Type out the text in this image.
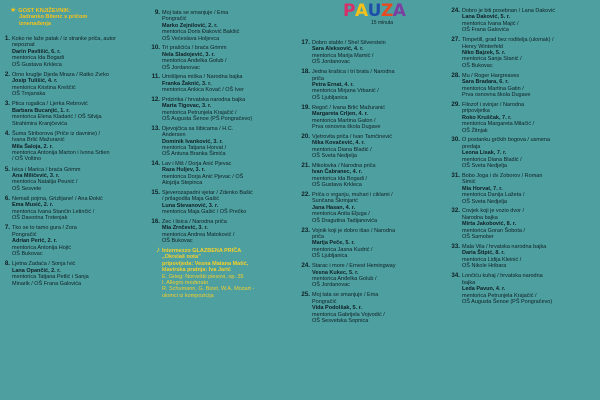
★ GOST KNJIŽEVNIK:
Jadranko Bitenc s pričom
iznenađenja
PAUZA
15 minuta
1. Koko ne laže patak / iz stranke priča, autor
nepoznat
Darin Pavlišić, 6. r.
mentorica Ida Bogadi
OŠ Gustava Krkleca
2. Orno kruglje Djeda Mraza / Ratko Zvrko
Josip Tulišić, 4. r.
mentorica Kristina Kreščić
OŠ Trnjanska
3. Ptica rugalica / Ljerka Rebrović
Barbara Bucanjić, 1. r.
mentorica Elena Kladarić / OŠ Silvija
Strahimira Kranjčevića
4. Šuma Striborova (Priče iz davnine) /
Ivana Brlić Mažuranić
Mila Šaloja, 2. r.
mentorica Antonija Marton i Ivona Srtien
/ OŠ Voltino
5. Ivica i Marica / braća Grimm
Ana Miličević, 3. r.
mentorica Natalija Peunić /
OŠ Sesvete
6. Nemaš pojma, Grizlijane! / Ana Đokić
Ema Musić, 2. r.
mentorica Ivana Stančin Letinčić /
OŠ Davorina Trstenjak
7. Tko se to tamo gura / Zora
Pongračić
Adrian Perić, 2. r.
mentorica Antonija Hojić
OŠ Bukovac
8. Ljetna Zadaća / Sonja Ivić
Lana Opančić, 2. r.
mentorica Tatjana Petlić i Sanja
Minarik / OŠ Frana Galovića
9. Moj tata se smanjuje / Ema
Pongračić
Marko Zejnilović, 2. r.
mentorica Doris Đaković Bakšić
OŠ Većeslava Holjevca
10. Tri prašćića / braća Grimm
Nela Sladojević, 3. r.
mentorica Anđelka Golub /
OŠ Jordanovac
11. Umišljena miška / Narodna bajka
Franka Žaknić, 3. r.
mentorica Ankica Kovač / OŠ Iver
12. Prdzirika / hrvatska narodna bajka
Marta Tigovac, 3. r.
mentorica Petrunjela Krajačić /
OŠ Augusta Šenoe (PŠ Pongračevo)
13. Djevojčica sa šibicama / H.C.
Andersen
Dominik Ivanković, 3. r.
mentorica Tatjana Horvat /
OŠ Antuna Branka Šimića
14. Lav i Miš / Dorja Anić Pjevac
Raza Huljev, 3. r.
mentorica Dorja Anić Pjevac / OŠ
Alojzija Stepinca
15. Sjeverozapadni vjetar / Zdenko Bašić
/ prilagodila Maja Gašić
Luna Stevanović, 3. r.
mentorica Maja Gašić / OŠ Prečko
16. Zec i lisica / Narodna priča
Mia Zrnčević, 3. r.
mentorica Andrea Matoković /
OŠ Bukovac
♪ Intermezzo GLAZBENA PRIČA
„Okrelaš nota”
pripovijeda: Vesna Matana Matić,
klavirska pratnja: Iva Jarić
E. Grieg: Norveški plesovi, op. 35
I. Allegro moderato
R. Schumann, G. Bizet, W.A. Mozart -
ulomci iz kompozicija
17. Dobro stablo / Shel Silverstein
Sara Aleksović, 4. r.
mentorica Marija Mamić /
OŠ Jordanovac
18. Jedna krašica i tri brata / Narodna
priča
Petra Ernat, 4. r.
mentorica Mirjana Vrbanić /
OŠ Ljubljanica
19. Regoč / Ivana Brlić Mažuranić
Margareta Crljen, 4. r.
mentorica Martina Gaton /
Prva osnovna škola Dugave
20. Vjetrovita priča / Ivan Tamčinević
Nika Kovačević, 4. r.
mentorica Diana Bladić /
OŠ Sveta Nedjelja
21. Mikolovka / Narodna priča
Ivan Čabranec, 4. r.
mentorica Ida Bogadi /
OŠ Gustava Krkleca
22. Priča o vrganju, muhari i ciklami /
Sunčana Škrinjarić
Jana Hasan, 4. r.
mentorica Anita Eljuga /
OŠ Dragutina Tadijanovića
23. Vojnik koji je dobro išao / Narodna
priča
Marija Peče, 5. r.
mentorica Jasna Kudrić /
OŠ Ljubljanica
24. Starac i more / Ernest Hemingway
Vesna Kukec, 5. r.
mentorica Anđelka Golub /
OŠ Jordanovac
25. Moj tata se smanjuje / Ema
Pongračić
Vida Podolšak, 5. r.
mentorica Gabrijela Vojvodić /
OŠ Sesvetska Sopnica
24. Dobro je biti posebnan / Lana Daković
Lana Daković, 5. r.
mentorica Ivana Majić /
OŠ Frana Galovića
27. Timpetill, grad bez roditelja (ulomak) /
Henry Winterfeld
Niko Bajzek, 5. r.
mentorica Sanja Stanić /
OŠ Bukovac
28. Mu / Roger Hargreaves
Sara Bradara, 6. r.
mentorica Martina Gatin /
Prva osnovna škola Dugave
29. Filozof i svinjar / Narodna
pripovijetka
Roko Kruščak, 7. r.
mentorica Margareta Milačić /
OŠ Žitnjak
30. O postanku grčkih bogova / usmena
predaja
Leona Lisak, 7. r.
mentorica Diana Bladić /
OŠ Sveta Nedjelja
31. Bobo Joga i dv Zoborov / Roman
Simić
Mia Horvat, 7. r.
mentorica Danija Lažeta /
OŠ Sveta Nedjelja
32. Covjek koji je vozio dvor /
Narodna bajka
Mirta Jakobović, 8. r.
mentorica Goran Šobota /
OŠ Samober
33. Mala Vila / hrvatska narodna bajka
Daria Štipić, 8. r.
mentorica Lidija Kleinić /
OŠ Nikole Hribara
34. Lončiću kuhaj / hrvatska narodna
bajka
Leda Pavun, 4. r.
mentorica Petrunjela Krajačić /
OŠ Augusta Šenoe (PŠ Pongračevo)
